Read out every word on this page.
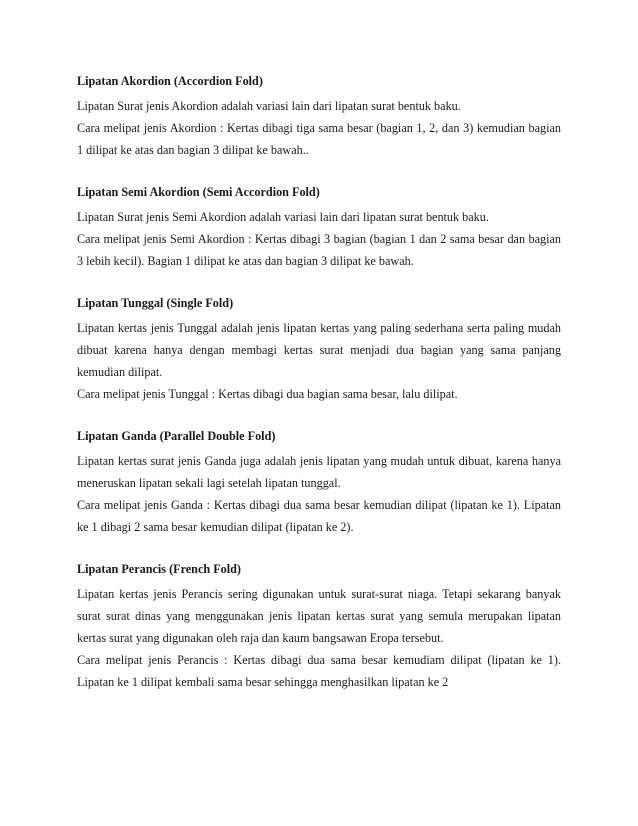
Lipatan Akordion (Accordion Fold)
Lipatan Surat jenis Akordion adalah variasi lain dari lipatan surat bentuk baku.
Cara melipat jenis Akordion : Kertas dibagi tiga sama besar (bagian 1, 2, dan 3) kemudian bagian 1 dilipat ke atas dan bagian 3 dilipat ke bawah..
Lipatan Semi Akordion (Semi Accordion Fold)
Lipatan Surat jenis Semi Akordion adalah variasi lain dari lipatan surat bentuk baku.
Cara melipat jenis Semi Akordion : Kertas dibagi 3 bagian (bagian 1 dan 2 sama besar dan bagian 3 lebih kecil). Bagian 1 dilipat ke atas dan bagian 3 dilipat ke bawah.
Lipatan Tunggal (Single Fold)
Lipatan kertas jenis Tunggal adalah jenis lipatan kertas yang paling sederhana serta paling mudah dibuat karena hanya dengan membagi kertas surat menjadi dua bagian yang sama panjang kemudian dilipat.
Cara melipat jenis Tunggal : Kertas dibagi dua bagian sama besar, lalu dilipat.
Lipatan Ganda (Parallel Double Fold)
Lipatan kertas surat jenis Ganda juga adalah jenis lipatan yang mudah untuk dibuat, karena hanya meneruskan lipatan sekali lagi setelah lipatan tunggal.
Cara melipat jenis Ganda : Kertas dibagi dua sama besar kemudian dilipat (lipatan ke 1). Lipatan ke 1 dibagi 2 sama besar kemudian dilipat (lipatan ke 2).
Lipatan Perancis (French Fold)
Lipatan kertas jenis Perancis sering digunakan untuk surat-surat niaga. Tetapi sekarang banyak surat surat dinas yang menggunakan jenis lipatan kertas surat yang semula merupakan lipatan kertas surat yang digunakan oleh raja dan kaum bangsawan Eropa tersebut.
Cara melipat jenis Perancis : Kertas dibagi dua sama besar kemudiam dilipat (lipatan ke 1). Lipatan ke 1 dilipat kembali sama besar sehingga menghasilkan lipatan ke 2
